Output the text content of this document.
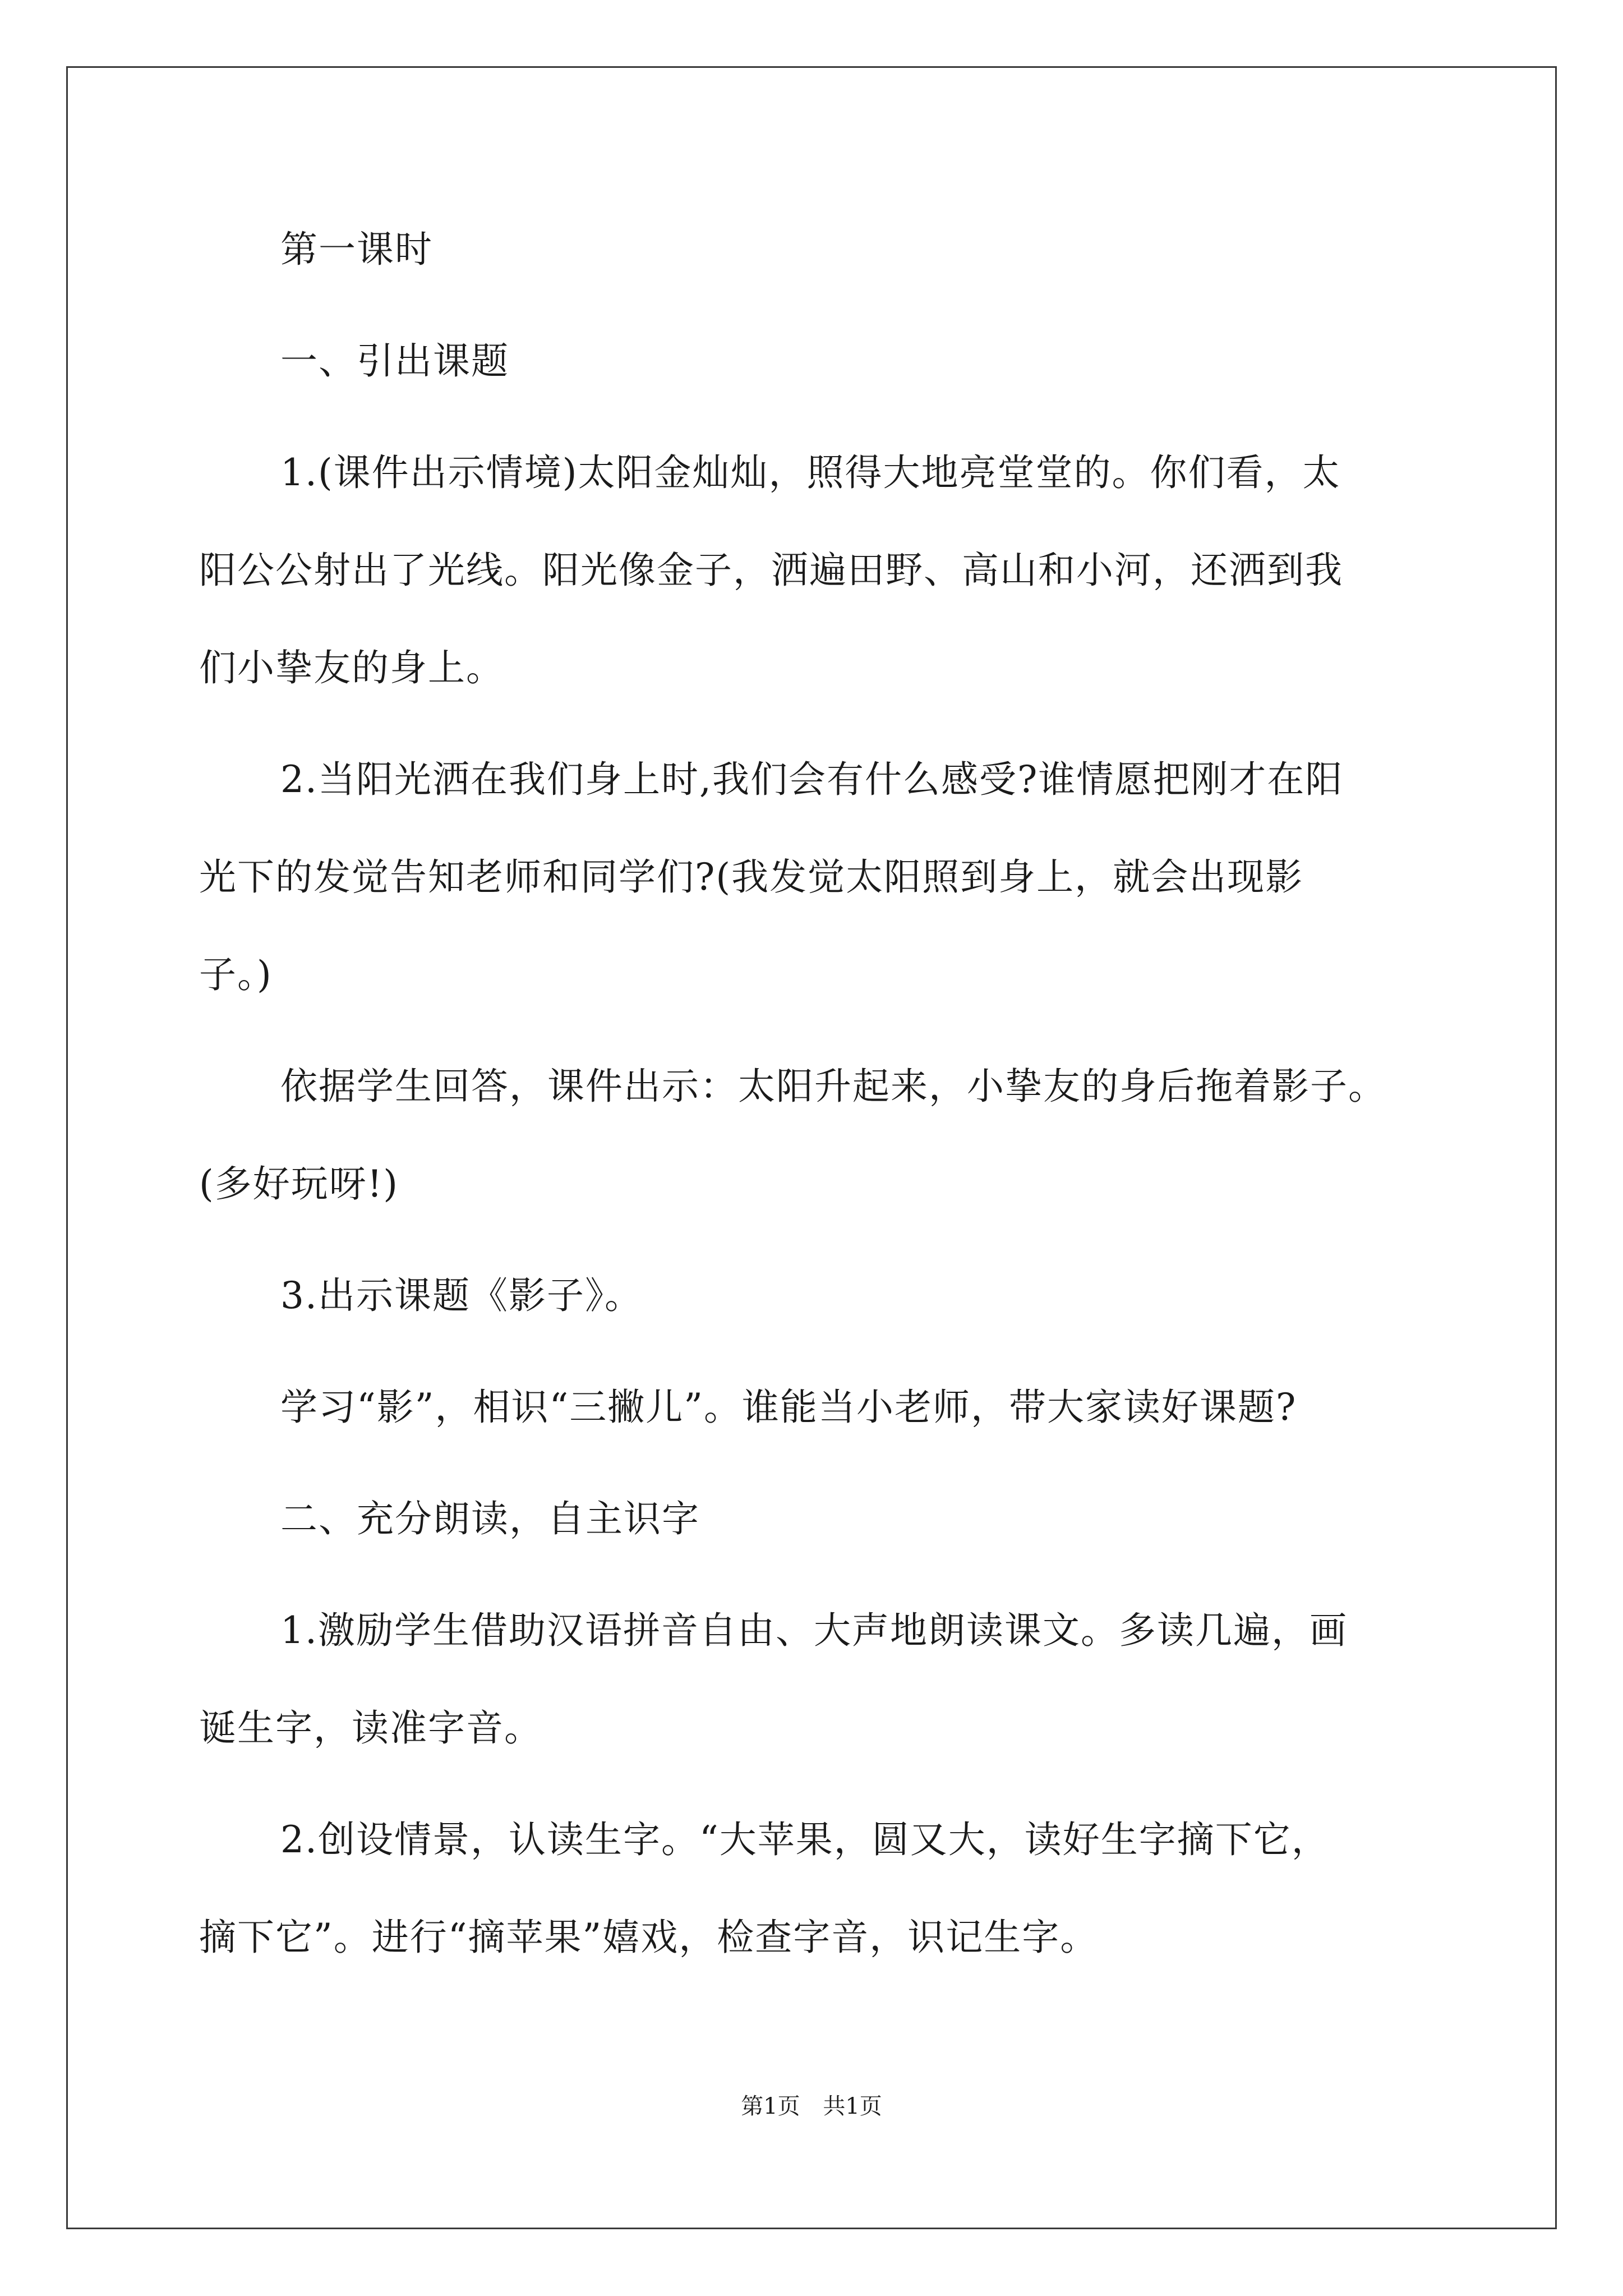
第一课时
一、引出课题
1.(课件出示情境)太阳金灿灿，照得大地亮堂堂的。你们看，太
阳公公射出了光线。阳光像金子，洒遍田野、高山和小河，还洒到我
们小挚友的身上。
2.当阳光洒在我们身上时,我们会有什么感受?谁情愿把刚才在阳
光下的发觉告知老师和同学们?(我发觉太阳照到身上，就会出现影
子。)
依据学生回答，课件出示：太阳升起来，小挚友的身后拖着影子。
(多好玩呀!)
3.出示课题《影子》。
学习“影”，相识“三撇儿”。谁能当小老师，带大家读好课题?
二、充分朗读，自主识字
1.激励学生借助汉语拼音自由、大声地朗读课文。多读几遍，画
诞生字，读准字音。
2.创设情景，认读生字。“大苹果，圆又大，读好生字摘下它，
摘下它”。进行“摘苹果”嬉戏，检查字音，识记生字。
第1页 共1页
